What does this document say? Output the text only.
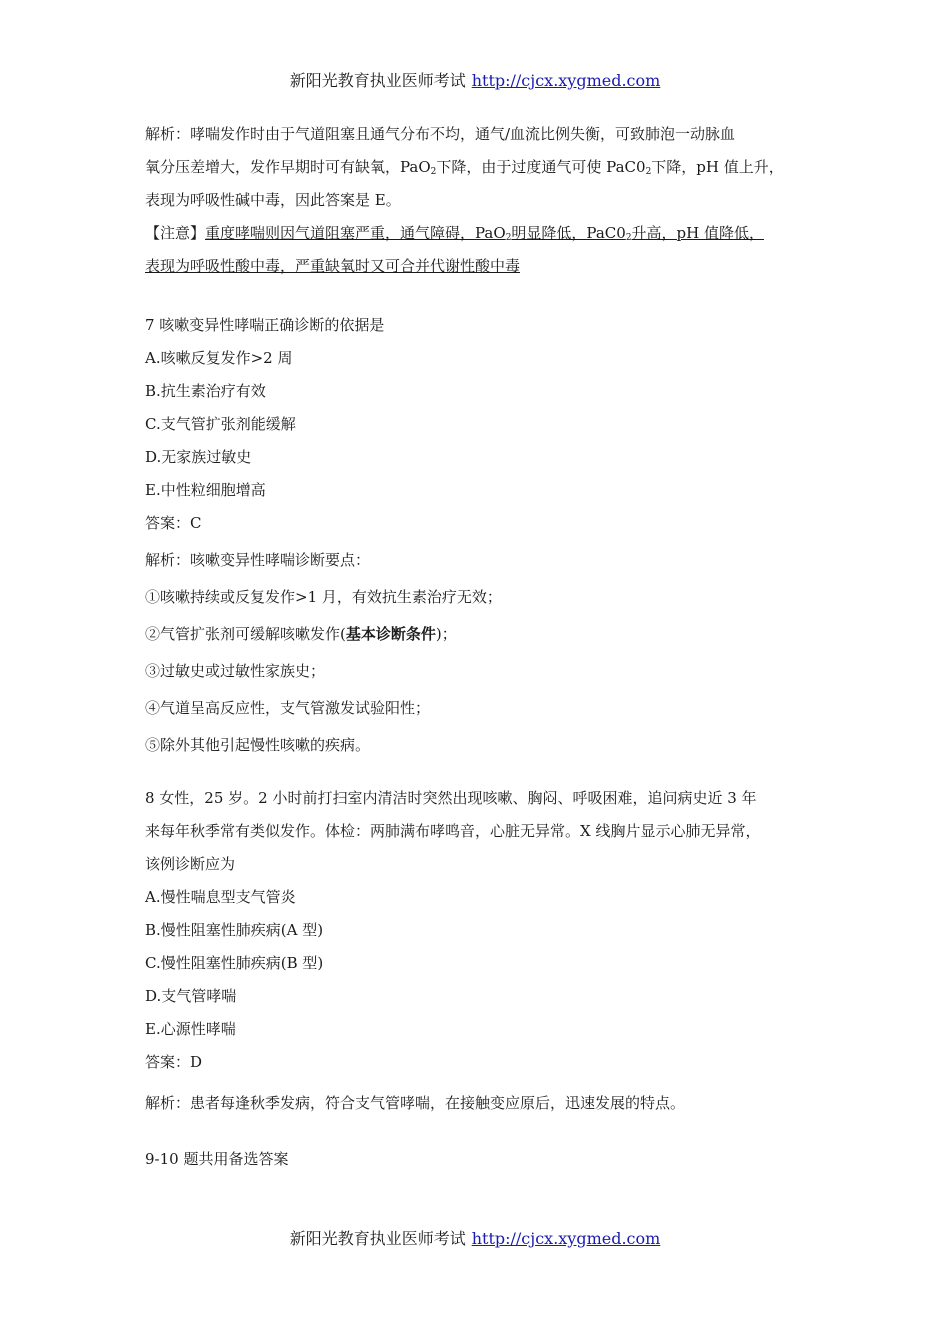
新阳光教育执业医师考试 http://cjcx.xygmed.com
解析：哮喘发作时由于气道阻塞且通气分布不均，通气/血流比例失衡，可致肺泡一动脉血
氧分压差增大，发作早期时可有缺氧，PaO$_2$下降，由于过度通气可使 $PaC0_2$下降，pH 值上升，
表现为呼吸性碱中毒，因此答案是 E。
【注意】重度哮喘则因气道阻塞严重，通气障碍，PaO$_2$明显降低，$PaC0_2$升高，pH 值降低，
表现为呼吸性酸中毒，严重缺氧时又可合并代谢性酸中毒
7 咳嗽变异性哮喘正确诊断的依据是
A.咳嗽反复发作>2 周
B.抗生素治疗有效
C.支气管扩张剂能缓解
D.无家族过敏史
E.中性粒细胞增高
答案：C
解析：咳嗽变异性哮喘诊断要点：
①咳嗽持续或反复发作>1 月，有效抗生素治疗无效；
②气管扩张剂可缓解咳嗽发作(基本诊断条件)；
③过敏史或过敏性家族史；
④气道呈高反应性，支气管激发试验阳性；
⑤除外其他引起慢性咳嗽的疾病。
8 女性，25 岁。2 小时前打扫室内清洁时突然出现咳嗽、胸闷、呼吸困难，追问病史近 3 年
来每年秋季常有类似发作。体检：两肺满布哮鸣音，心脏无异常。X 线胸片显示心肺无异常，
该例诊断应为
A.慢性喘息型支气管炎
B.慢性阻塞性肺疾病(A 型)
C.慢性阻塞性肺疾病(B 型)
D.支气管哮喘
E.心源性哮喘
答案：D
解析：患者每逢秋季发病，符合支气管哮喘，在接触变应原后，迅速发展的特点。
9-10 题共用备选答案
新阳光教育执业医师考试 http://cjcx.xygmed.com
